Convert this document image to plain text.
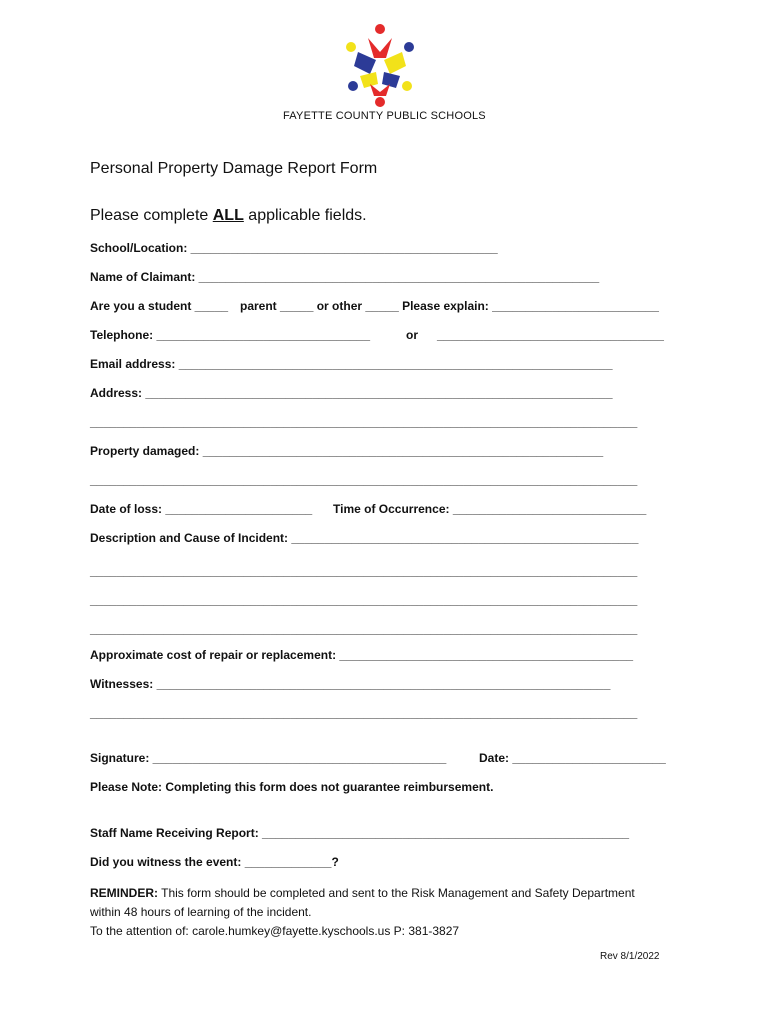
FAYETTE COUNTY PUBLIC SCHOOLS
Personal Property Damage Report Form
Please complete ALL applicable fields.
School/Location: ______________________________________________
Name of Claimant: ____________________________________________________________
Are you a student _____ parent _____ or other _____ Please explain: _________________________
Telephone: ________________________________	or __________________________________
Email address: _________________________________________________________________
Address: ______________________________________________________________________
__________________________________________________________________________________
Property damaged: ____________________________________________________________
__________________________________________________________________________________
Date of loss: ______________________ Time of Occurrence: _____________________________
Description and Cause of Incident: ____________________________________________________
__________________________________________________________________________________
__________________________________________________________________________________
__________________________________________________________________________________
Approximate cost of repair or replacement: ____________________________________________
Witnesses: ____________________________________________________________________
__________________________________________________________________________________
Signature: ____________________________________________	Date: _______________________
Please Note: Completing this form does not guarantee reimbursement.
Staff Name Receiving Report: _______________________________________________________
Did you witness the event: _____________?
REMINDER: This form should be completed and sent to the Risk Management and Safety Department
within 48 hours of learning of the incident.
To the attention of: carole.humkey@fayette.kyschools.us P: 381-3827
Rev 8/1/2022
